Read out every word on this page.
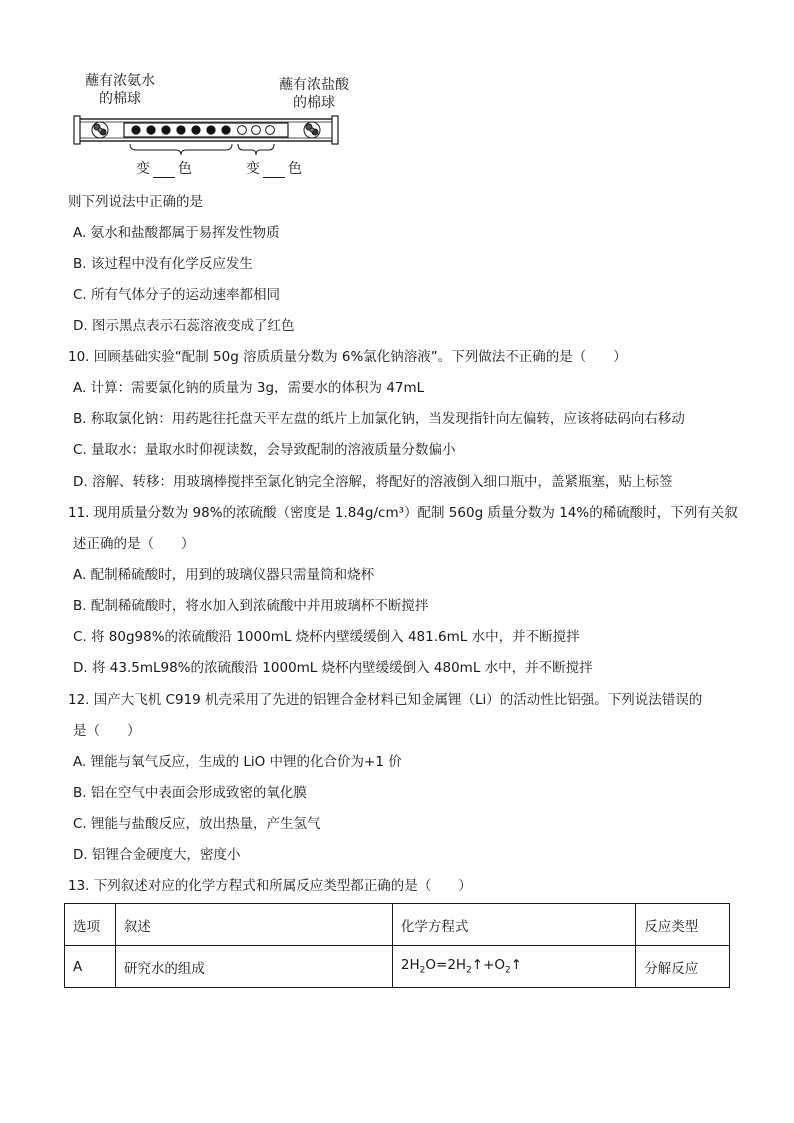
蘸有浓氨水
的棉球
蘸有浓盐酸
的棉球
变 色	变 色
则下列说法中正确的是
A. 氨水和盐酸都属于易挥发性物质
B. 该过程中没有化学反应发生
C. 所有气体分子的运动速率都相同
D. 图示黑点表示石蕊溶液变成了红色
10. 回顾基础实验“配制 50g 溶质质量分数为 6%氯化钠溶液”。下列做法不正确的是（　　）
A. 计算：需要氯化钠的质量为 3g，需要水的体积为 47mL
B. 称取氯化钠：用药匙往托盘天平左盘的纸片上加氯化钠，当发现指针向左偏转，应该将砝码向右移动
C. 量取水：量取水时仰视读数，会导致配制的溶液质量分数偏小
D. 溶解、转移：用玻璃棒搅拌至氯化钠完全溶解，将配好的溶液倒入细口瓶中，盖紧瓶塞，贴上标签
11. 现用质量分数为 98%的浓硫酸（密度是 1.84g/cm³）配制 560g 质量分数为 14%的稀硫酸时，下列有关叙
述正确的是（　　）
A. 配制稀硫酸时，用到的玻璃仪器只需量筒和烧杯
B. 配制稀硫酸时，将水加入到浓硫酸中并用玻璃杯不断搅拌
C. 将 80g98%的浓硫酸沿 1000mL 烧杯内壁缓缓倒入 481.6mL 水中，并不断搅拌
D. 将 43.5mL98%的浓硫酸沿 1000mL 烧杯内壁缓缓倒入 480mL 水中，并不断搅拌
12. 国产大飞机 C919 机壳采用了先进的铝锂合金材料已知金属锂（Li）的活动性比铝强。下列说法错误的
是（　　）
A. 锂能与氧气反应，生成的 LiO 中锂的化合价为+1 价
B. 铝在空气中表面会形成致密的氧化膜
C. 锂能与盐酸反应，放出热量，产生氢气
D. 铝锂合金硬度大，密度小
13. 下列叙述对应的化学方程式和所属反应类型都正确的是（　　）
选项	叙述	化学方程式	反应类型
A	研究水的组成	$2H_2O=2H_2↑+O_2↑$	分解反应
